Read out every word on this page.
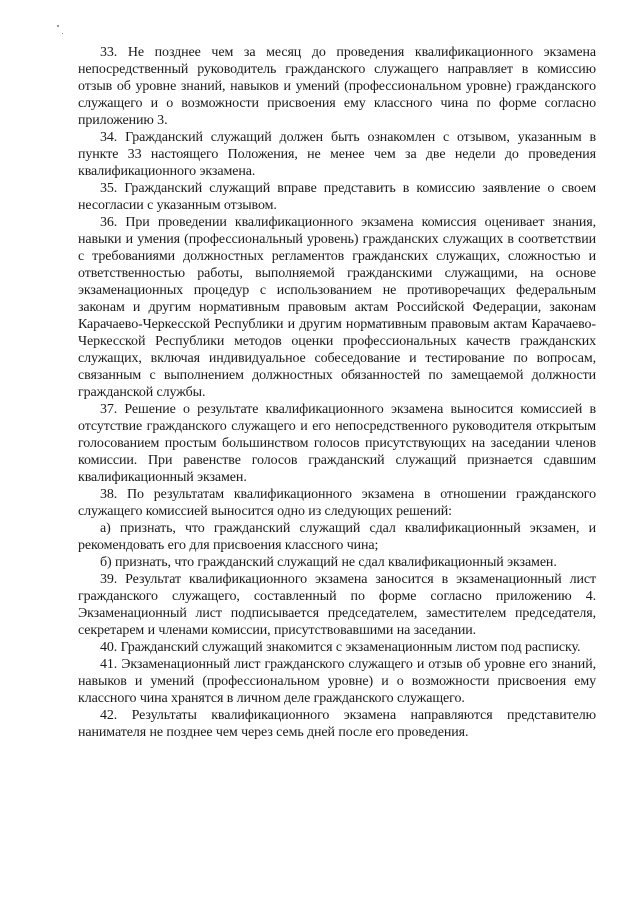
33. Не позднее чем за месяц до проведения квалификационного экзамена непосредственный руководитель гражданского служащего направляет в комиссию отзыв об уровне знаний, навыков и умений (профессиональном уровне) гражданского служащего и о возможности присвоения ему классного чина по форме согласно приложению 3.

34. Гражданский служащий должен быть ознакомлен с отзывом, указанным в пункте 33 настоящего Положения, не менее чем за две недели до проведения квалификационного экзамена.

35. Гражданский служащий вправе представить в комиссию заявление о своем несогласии с указанным отзывом.

36. При проведении квалификационного экзамена комиссия оценивает знания, навыки и умения (профессиональный уровень) гражданских служащих в соответствии с требованиями должностных регламентов гражданских служащих, сложностью и ответственностью работы, выполняемой гражданскими служащими, на основе экзаменационных процедур с использованием не противоречащих федеральным законам и другим нормативным правовым актам Российской Федерации, законам Карачаево-Черкесской Республики и другим нормативным правовым актам Карачаево-Черкесской Республики методов оценки профессиональных качеств гражданских служащих, включая индивидуальное собеседование и тестирование по вопросам, связанным с выполнением должностных обязанностей по замещаемой должности гражданской службы.

37. Решение о результате квалификационного экзамена выносится комиссией в отсутствие гражданского служащего и его непосредственного руководителя открытым голосованием простым большинством голосов присутствующих на заседании членов комиссии. При равенстве голосов гражданский служащий признается сдавшим квалификационный экзамен.

38. По результатам квалификационного экзамена в отношении гражданского служащего комиссией выносится одно из следующих решений:

а) признать, что гражданский служащий сдал квалификационный экзамен, и рекомендовать его для присвоения классного чина;

б) признать, что гражданский служащий не сдал квалификационный экзамен.

39. Результат квалификационного экзамена заносится в экзаменационный лист гражданского служащего, составленный по форме согласно приложению 4. Экзаменационный лист подписывается председателем, заместителем председателя, секретарем и членами комиссии, присутствовавшими на заседании.

40. Гражданский служащий знакомится с экзаменационным листом под расписку.

41. Экзаменационный лист гражданского служащего и отзыв об уровне его знаний, навыков и умений (профессиональном уровне) и о возможности присвоения ему классного чина хранятся в личном деле гражданского служащего.

42. Результаты квалификационного экзамена направляются представителю нанимателя не позднее чем через семь дней после его проведения.
